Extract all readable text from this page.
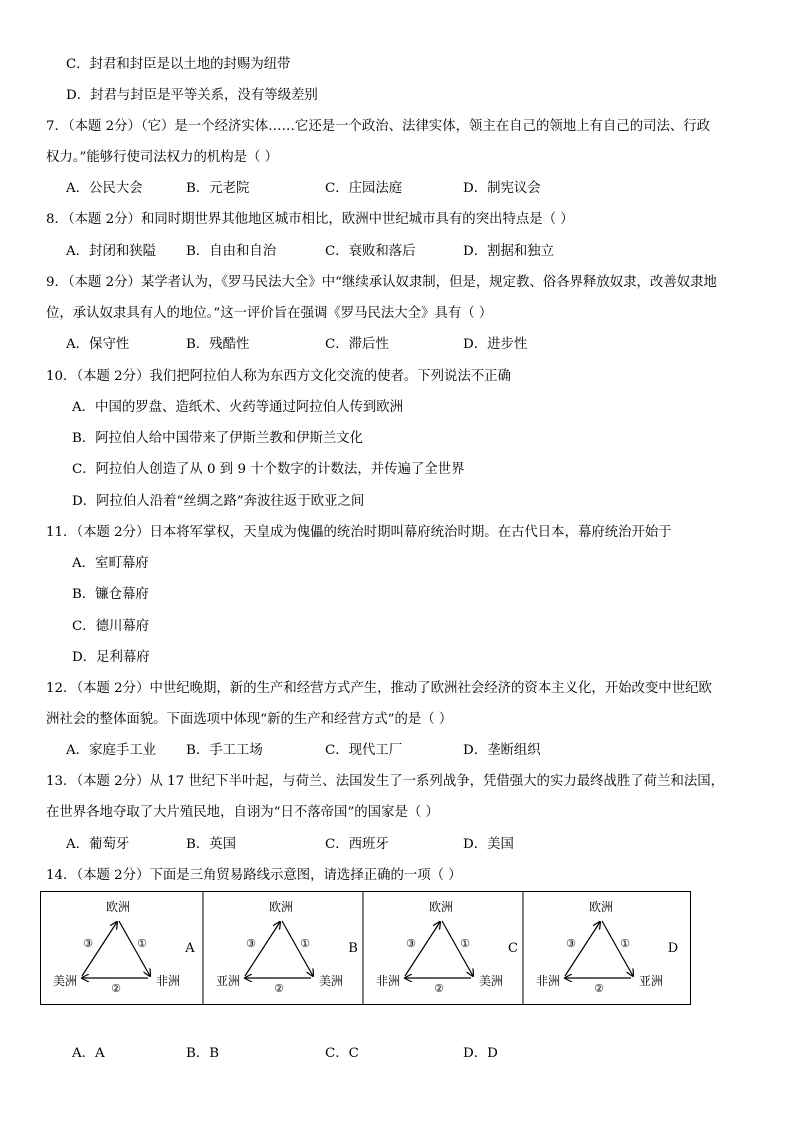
C．封君和封臣是以土地的封赐为纽带
D．封君与封臣是平等关系，没有等级差别
7．（本题 2分）（它）是一个经济实体……它还是一个政治、法律实体，领主在自己的领地上有自己的司法、行政
权力。”能够行使司法权力的机构是（ ）
A．公民大会	B．元老院	C．庄园法庭	D．制宪议会
8．（本题 2分）和同时期世界其他地区城市相比，欧洲中世纪城市具有的突出特点是（ ）
A．封闭和狭隘 B．自由和自治	C．衰败和落后	D．割据和独立
9．（本题 2分）某学者认为，《罗马民法大全》中“继续承认奴隶制，但是，规定教、俗各界释放奴隶，改善奴隶地
位，承认奴隶具有人的地位。”这一评价旨在强调《罗马民法大全》具有（ ）
A．保守性	B．残酷性	C．滞后性	D．进步性
10．（本题 2分）我们把阿拉伯人称为东西方文化交流的使者。下列说法不正确
A．中国的罗盘、造纸术、火药等通过阿拉伯人传到欧洲
B．阿拉伯人给中国带来了伊斯兰教和伊斯兰文化
C．阿拉伯人创造了从 0 到 9 十个数字的计数法，并传遍了全世界
D．阿拉伯人沿着“丝绸之路”奔波往返于欧亚之间
11．（本题 2分）日本将军掌权，天皇成为傀儡的统治时期叫幕府统治时期。在古代日本，幕府统治开始于
A．室町幕府
B．镰仓幕府
C．德川幕府
D．足利幕府
12．（本题 2分）中世纪晚期，新的生产和经营方式产生，推动了欧洲社会经济的资本主义化，开始改变中世纪欧
洲社会的整体面貌。下面选项中体现“新的生产和经营方式”的是（ ）
A．家庭手工业 B．手工工场	C．现代工厂	D．垄断组织
13．（本题 2分）从 17 世纪下半叶起，与荷兰、法国发生了一系列战争，凭借强大的实力最终战胜了荷兰和法国，
在世界各地夺取了大片殖民地，自诩为“日不落帝国”的国家是（ ）
A．葡萄牙	B．英国	C．西班牙	D．美国
14．（本题 2分）下面是三角贸易路线示意图，请选择正确的一项（ ）
欧洲
美洲	非洲
A
①
②
③
欧洲
亚洲	美洲
B
①
②
③
欧洲
非洲	美洲
C
①
②
③
欧洲
非洲	亚洲
D
①
②
③
A．A	B．B	C．C	D．D
